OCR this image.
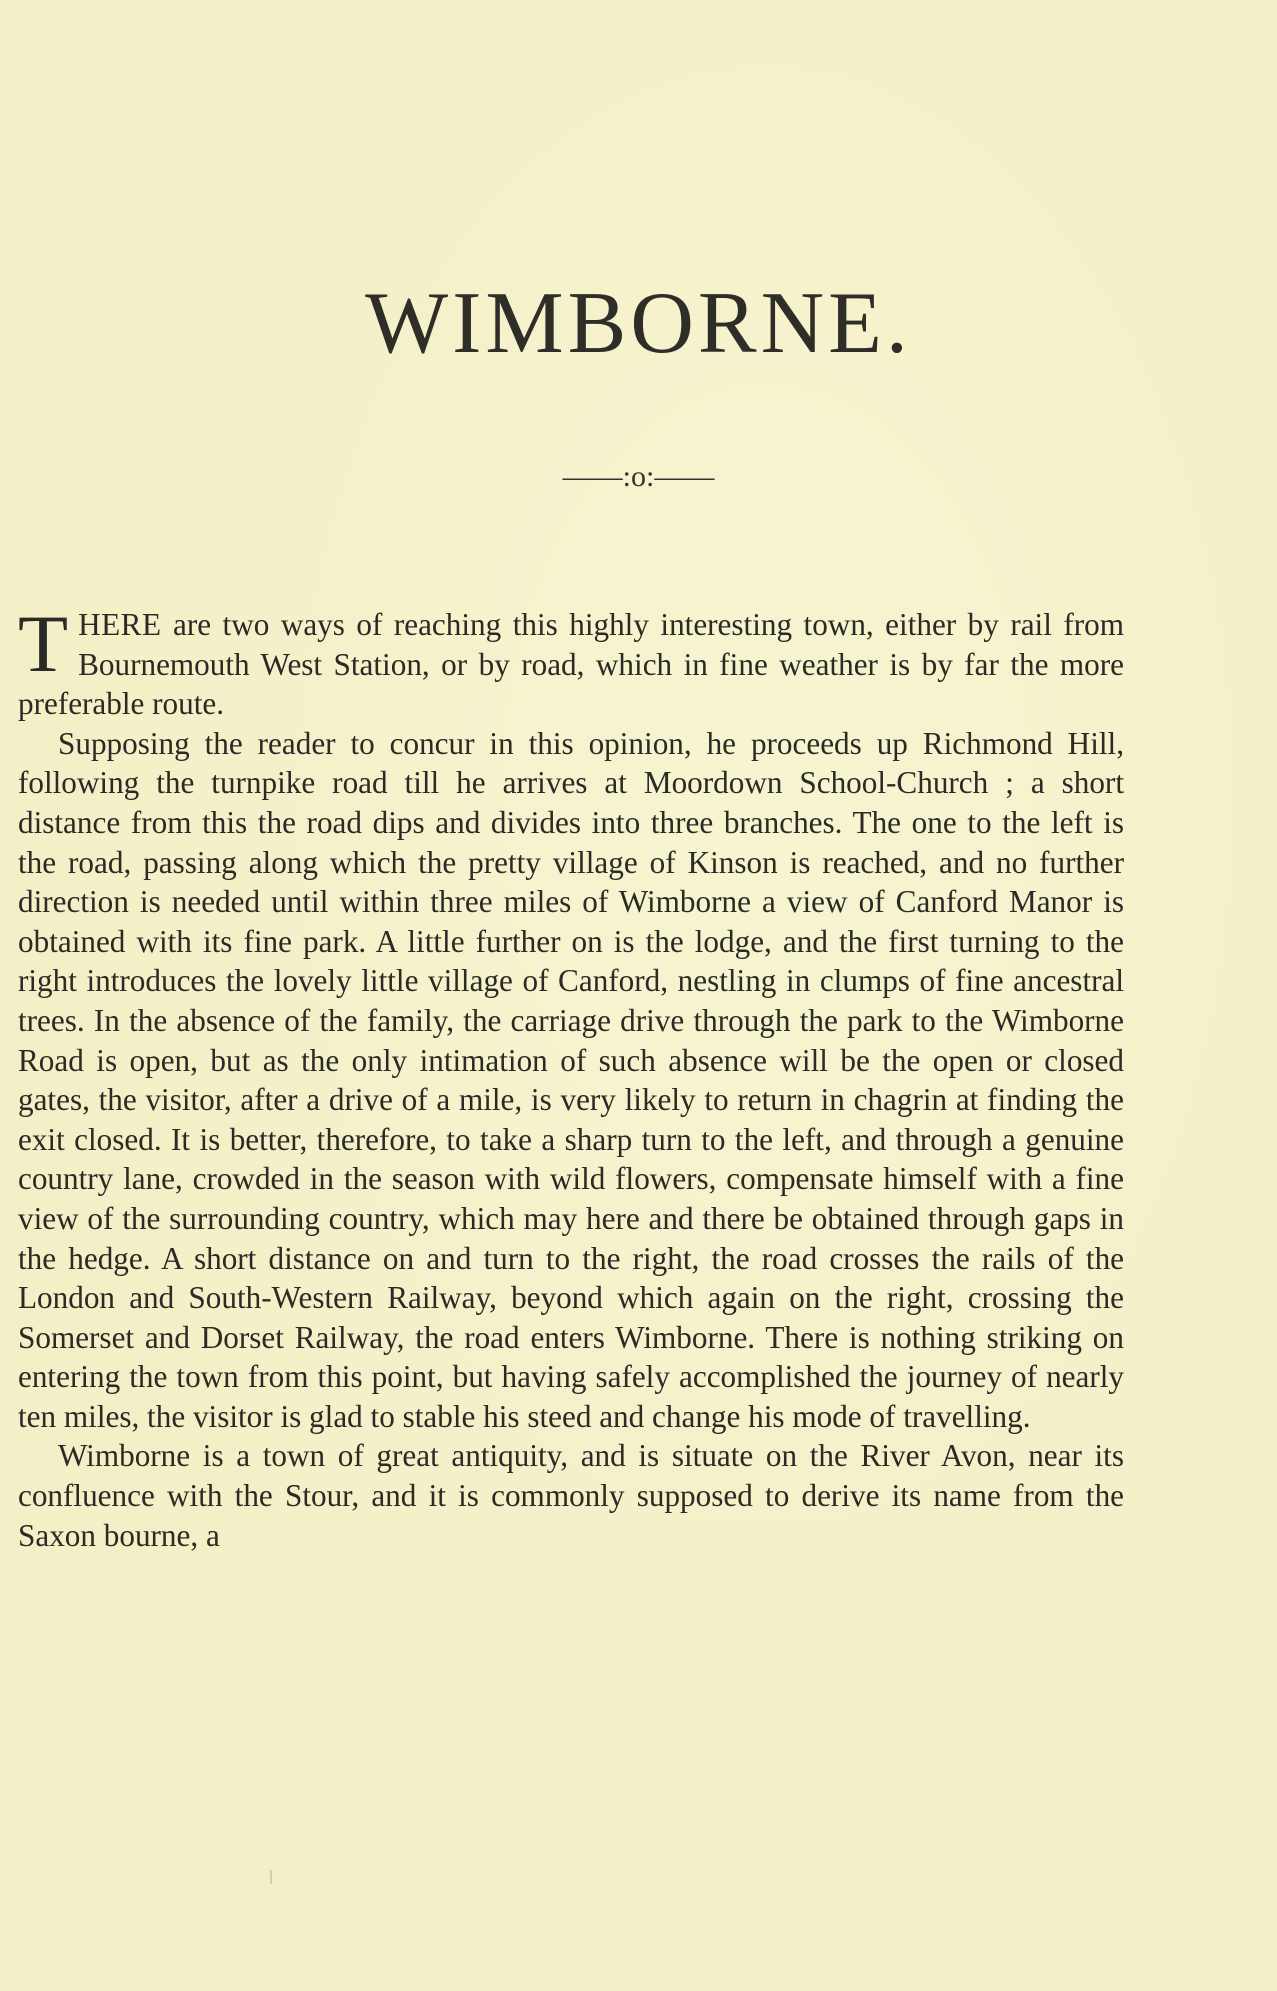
WIMBORNE.
——:o:——

THERE are two ways of reaching this highly interesting town, either by rail from Bournemouth West Station, or by road, which in fine weather is by far the more preferable route.

Supposing the reader to concur in this opinion, he proceeds up Richmond Hill, following the turnpike road till he arrives at Moordown School-Church ; a short distance from this the road dips and divides into three branches. The one to the left is the road, passing along which the pretty village of Kinson is reached, and no further direction is needed until within three miles of Wimborne a view of Canford Manor is obtained with its fine park. A little further on is the lodge, and the first turning to the right introduces the lovely little village of Canford, nestling in clumps of fine ancestral trees. In the absence of the family, the carriage drive through the park to the Wimborne Road is open, but as the only intimation of such absence will be the open or closed gates, the visitor, after a drive of a mile, is very likely to return in chagrin at finding the exit closed. It is better, therefore, to take a sharp turn to the left, and through a genuine country lane, crowded in the season with wild flowers, compensate himself with a fine view of the surrounding country, which may here and there be obtained through gaps in the hedge. A short distance on and turn to the right, the road crosses the rails of the London and South-Western Railway, beyond which again on the right, crossing the Somerset and Dorset Railway, the road enters Wimborne. There is nothing striking on entering the town from this point, but having safely accomplished the journey of nearly ten miles, the visitor is glad to stable his steed and change his mode of travelling.

Wimborne is a town of great antiquity, and is situate on the River Avon, near its confluence with the Stour, and it is commonly supposed to derive its name from the Saxon bourne, a
